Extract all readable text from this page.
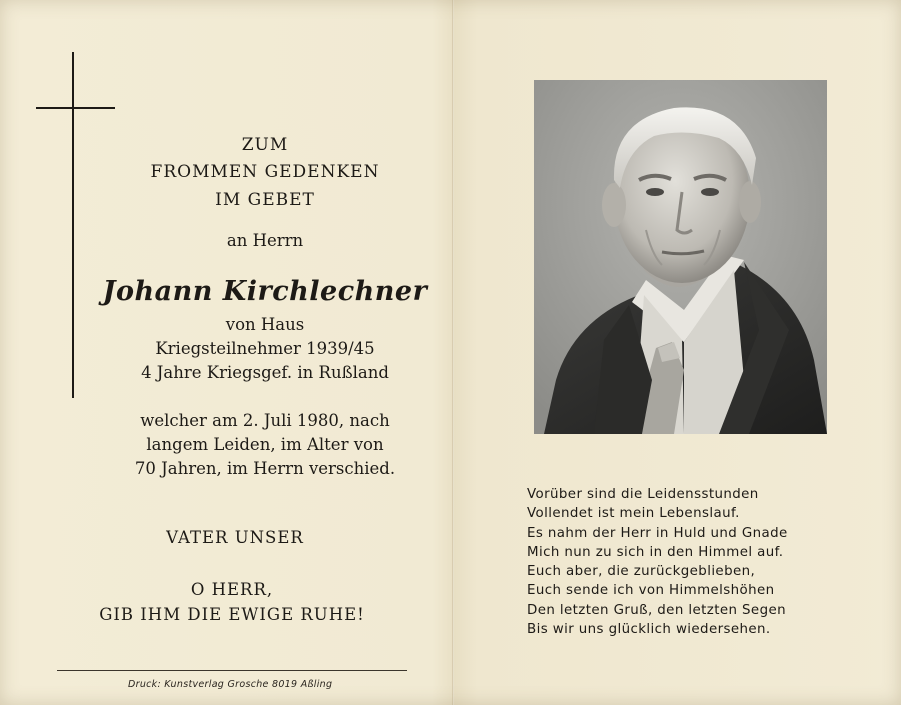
ZUM
FROMMEN GEDENKEN
IM GEBET
an Herrn
Johann Kirchlechner
von Haus
Kriegsteilnehmer 1939/45
4 Jahre Kriegsgef. in Rußland
welcher am 2. Juli 1980, nach
langem Leiden, im Alter von
70 Jahren, im Herrn verschied.
VATER UNSER
O HERR,
GIB IHM DIE EWIGE RUHE!
Druck: Kunstverlag Grosche 8019 Aßling
Vorüber sind die Leidensstunden
Vollendet ist mein Lebenslauf.
Es nahm der Herr in Huld und Gnade
Mich nun zu sich in den Himmel auf.
Euch aber, die zurückgeblieben,
Euch sende ich von Himmelshöhen
Den letzten Gruß, den letzten Segen
Bis wir uns glücklich wiedersehen.
